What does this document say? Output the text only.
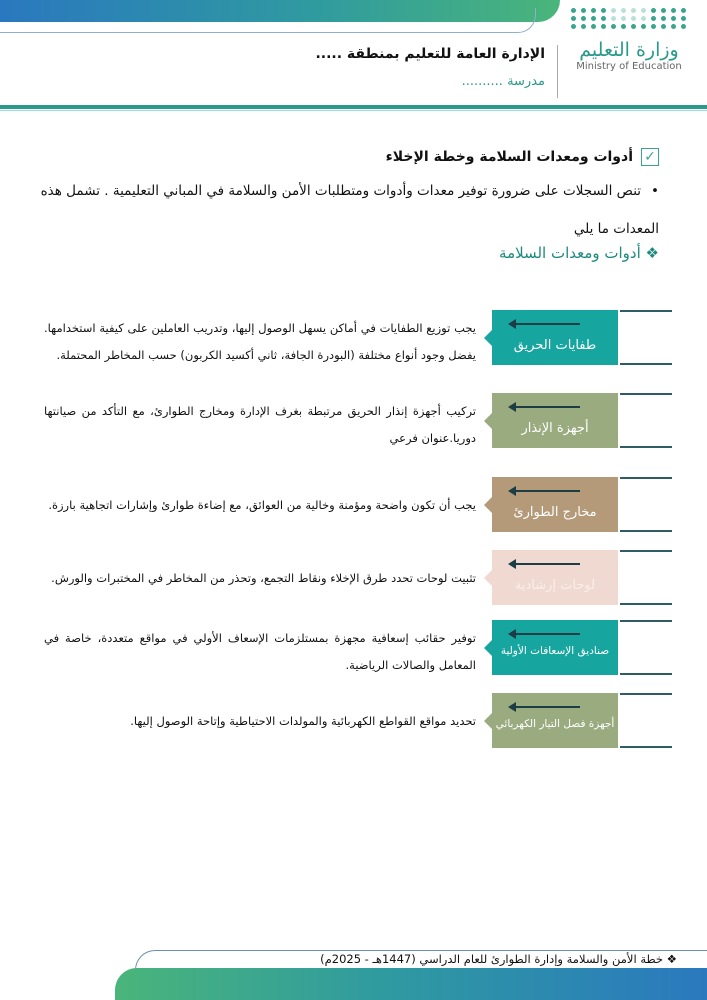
وزارة التعليم
Ministry of Education
الإدارة العامة للتعليم بمنطقة .....
مدرسة ..........
✓
أدوات ومعدات السلامة وخطة الإخلاء
•تنص السجلات على ضرورة توفير معدات وأدوات ومتطلبات الأمن والسلامة في المباني التعليمية . تشمل هذه المعدات ما يلي
❖ أدوات ومعدات السلامة
طفايات الحريق
يجب توزيع الطفايات في أماكن يسهل الوصول إليها، وتدريب العاملين على كيفية استخدامها. يفضل وجود أنواع مختلفة (البودرة الجافة، ثاني أكسيد الكربون) حسب المخاطر المحتملة.
أجهزة الإنذار
تركيب أجهزة إنذار الحريق مرتبطة بغرف الإدارة ومخارج الطوارئ، مع التأكد من صيانتها دوريا.عنوان فرعي
مخارج الطوارئ
يجب أن تكون واضحة ومؤمنة وخالية من العوائق، مع إضاءة طوارئ وإشارات اتجاهية بارزة.
لوحات إرشادية
تثبيت لوحات تحدد طرق الإخلاء ونقاط التجمع، وتحذر من المخاطر في المختبرات والورش.
صناديق الإسعافات الأولية
توفير حقائب إسعافية مجهزة بمستلزمات الإسعاف الأولي في مواقع متعددة، خاصة في المعامل والصالات الرياضية.
أجهزة فصل التيار الكهربائي
تحديد مواقع القواطع الكهربائية والمولدات الاحتياطية وإتاحة الوصول إليها.
❖ خطة الأمن والسلامة وإدارة الطوارئ للعام الدراسي (1447هـ - 2025م)
